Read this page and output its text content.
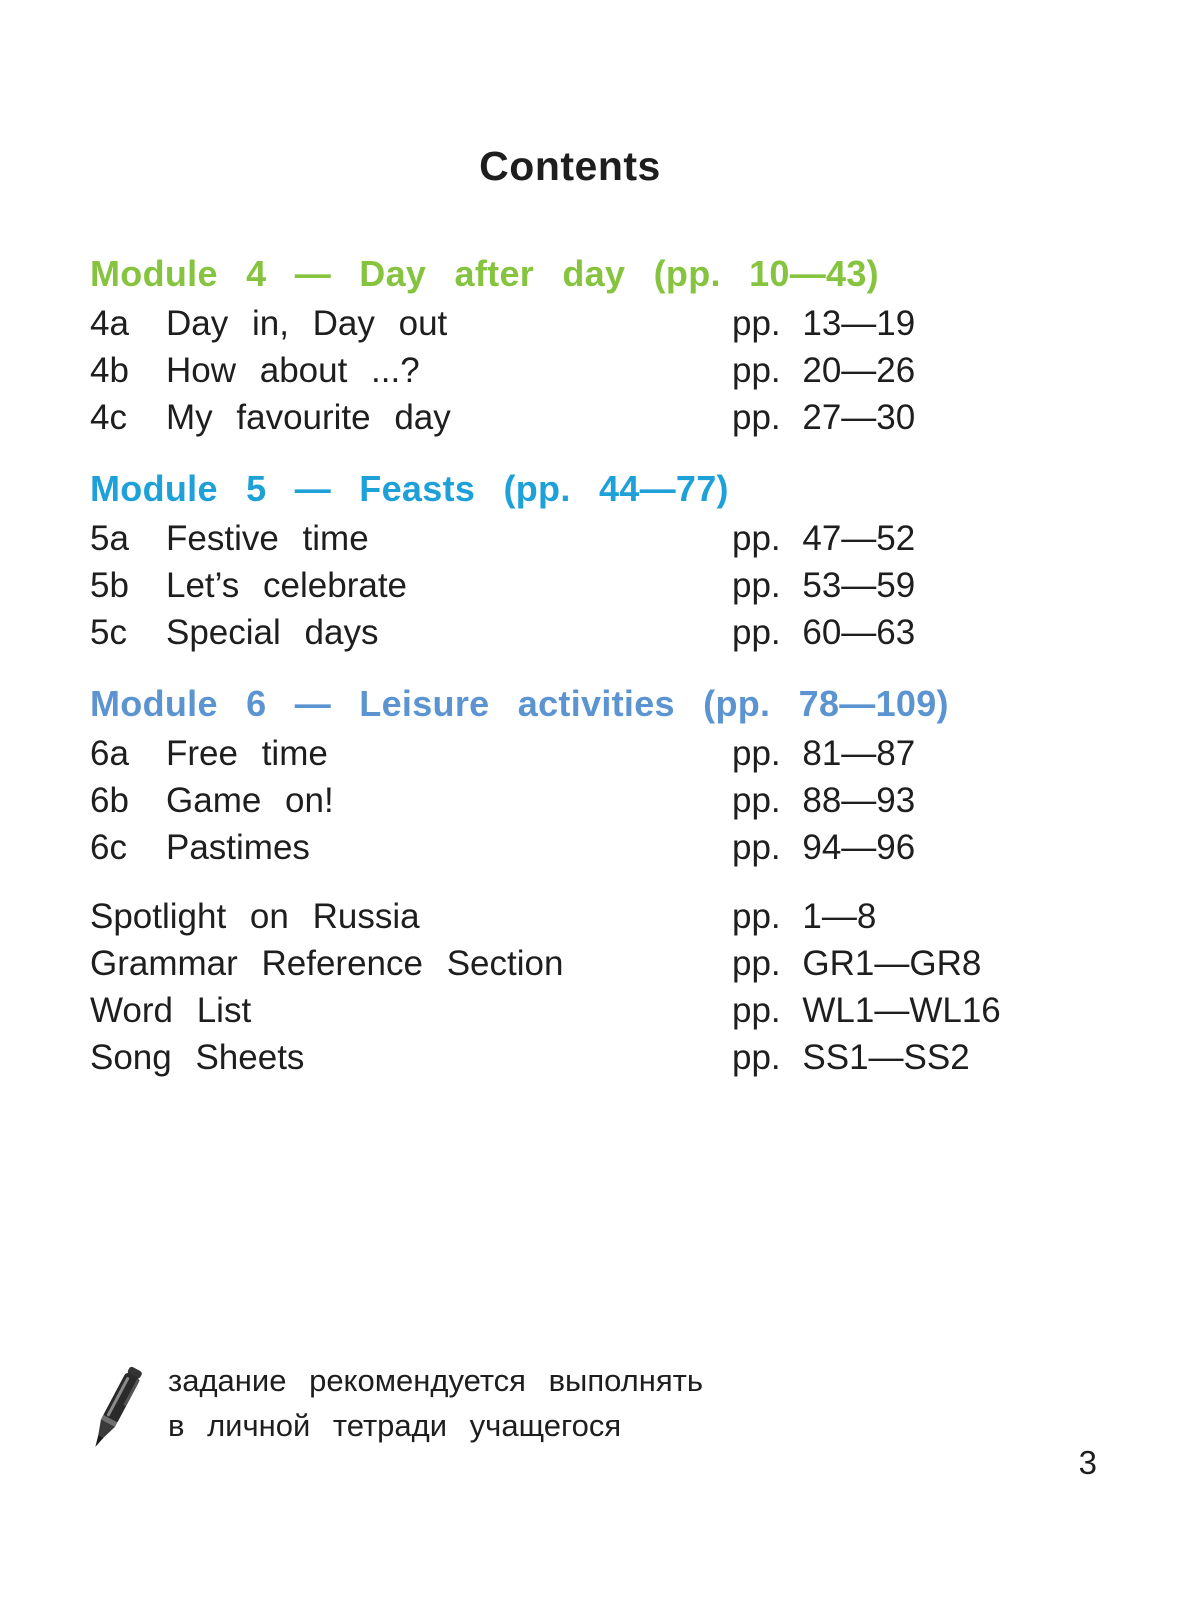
Contents
Module 4 — Day after day (pp. 10—43)
4a Day in, Day out	pp. 13—19
4b How about ...?	pp. 20—26
4c My favourite day	pp. 27—30
Module 5 — Feasts (pp. 44—77)
5a Festive time	pp. 47—52
5b Let’s celebrate	pp. 53—59
5c Special days	pp. 60—63
Module 6 — Leisure activities (pp. 78—109)
6a Free time	pp. 81—87
6b Game on!	pp. 88—93
6c Pastimes	pp. 94—96
Spotlight on Russia	pp. 1—8
Grammar Reference Section	pp. GR1—GR8
Word List	pp. WL1—WL16
Song Sheets	pp. SS1—SS2
задание рекомендуется выполнять
в личной тетради учащегося
3
